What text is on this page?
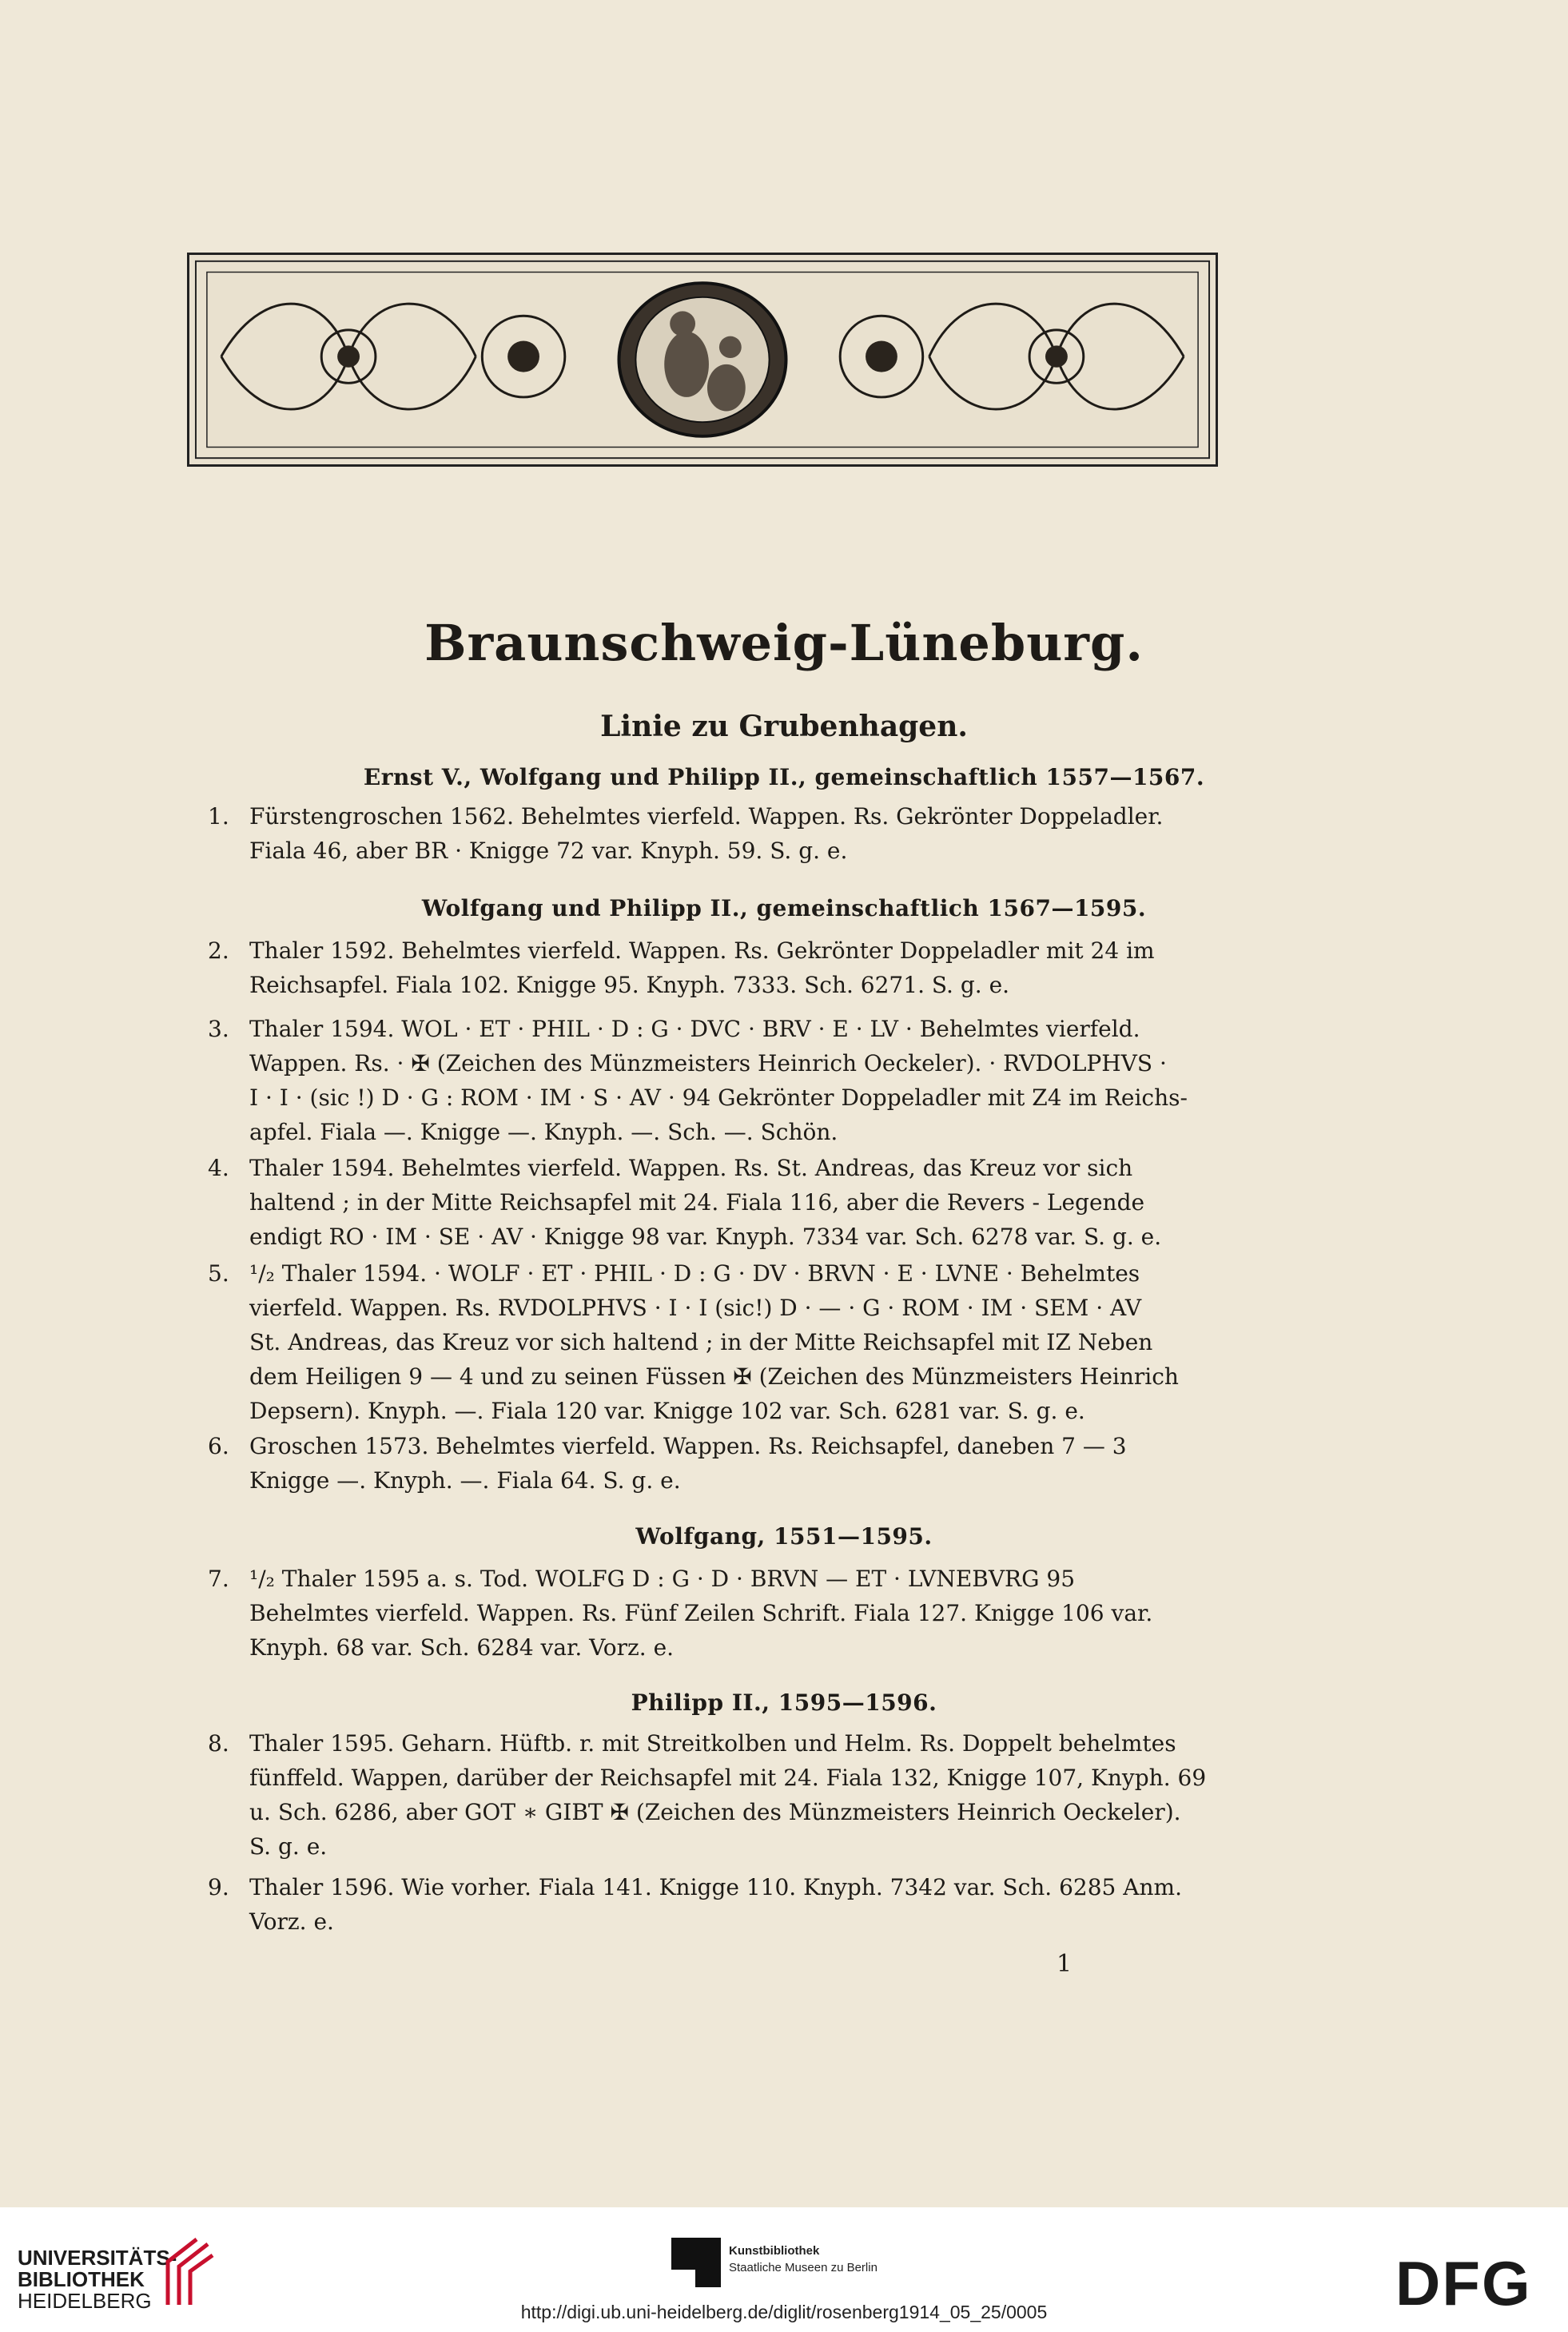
Braunschweig-Lüneburg.
Linie zu Grubenhagen.
Ernst V., Wolfgang und Philipp II., gemeinschaftlich 1557—1567.
1. Fürstengroschen 1562. Behelmtes vierfeld. Wappen. Rs. Gekrönter Doppeladler.
Fiala 46, aber BR · Knigge 72 var. Knyph. 59. S. g. e.
Wolfgang und Philipp II., gemeinschaftlich 1567—1595.
2. Thaler 1592. Behelmtes vierfeld. Wappen. Rs. Gekrönter Doppeladler mit 24 im
Reichsapfel. Fiala 102. Knigge 95. Knyph. 7333. Sch. 6271. S. g. e.
3. Thaler 1594. WOL · ET · PHIL · D : G · DVC · BRV · E · LV · Behelmtes vierfeld.
Wappen. Rs. · ✠ (Zeichen des Münzmeisters Heinrich Oeckeler). · RVDOLPHVS ·
I · I · (sic !) D · G : ROM · IM · S · AV · 94 Gekrönter Doppeladler mit Z4 im Reichs-
apfel. Fiala —. Knigge —. Knyph. —. Sch. —. Schön.
4. Thaler 1594. Behelmtes vierfeld. Wappen. Rs. St. Andreas, das Kreuz vor sich
haltend ; in der Mitte Reichsapfel mit 24. Fiala 116, aber die Revers - Legende
endigt RO · IM · SE · AV · Knigge 98 var. Knyph. 7334 var. Sch. 6278 var. S. g. e.
5. ¹/₂ Thaler 1594. · WOLF · ET · PHIL · D : G · DV · BRVN · E · LVNE · Behelmtes
vierfeld. Wappen. Rs. RVDOLPHVS · I · I (sic!) D · — · G · ROM · IM · SEM · AV
St. Andreas, das Kreuz vor sich haltend ; in der Mitte Reichsapfel mit IZ Neben
dem Heiligen 9 — 4 und zu seinen Füssen ✠ (Zeichen des Münzmeisters Heinrich
Depsern). Knyph. —. Fiala 120 var. Knigge 102 var. Sch. 6281 var. S. g. e.
6. Groschen 1573. Behelmtes vierfeld. Wappen. Rs. Reichsapfel, daneben 7 — 3
Knigge —. Knyph. —. Fiala 64. S. g. e.
Wolfgang, 1551—1595.
7. ¹/₂ Thaler 1595 a. s. Tod. WOLFG D : G · D · BRVN — ET · LVNEBVRG 95
Behelmtes vierfeld. Wappen. Rs. Fünf Zeilen Schrift. Fiala 127. Knigge 106 var.
Knyph. 68 var. Sch. 6284 var. Vorz. e.
Philipp II., 1595—1596.
8. Thaler 1595. Geharn. Hüftb. r. mit Streitkolben und Helm. Rs. Doppelt behelmtes
fünffeld. Wappen, darüber der Reichsapfel mit 24. Fiala 132, Knigge 107, Knyph. 69
u. Sch. 6286, aber GOT ∗ GIBT ✠ (Zeichen des Münzmeisters Heinrich Oeckeler).
S. g. e.
9. Thaler 1596. Wie vorher. Fiala 141. Knigge 110. Knyph. 7342 var. Sch. 6285 Anm.
Vorz. e.
1
UNIVERSITÄTS-
BIBLIOTHEK
HEIDELBERG
Kunstbibliothek
Staatliche Museen zu Berlin	DFG
http://digi.ub.uni-heidelberg.de/diglit/rosenberg1914_05_25/0005
